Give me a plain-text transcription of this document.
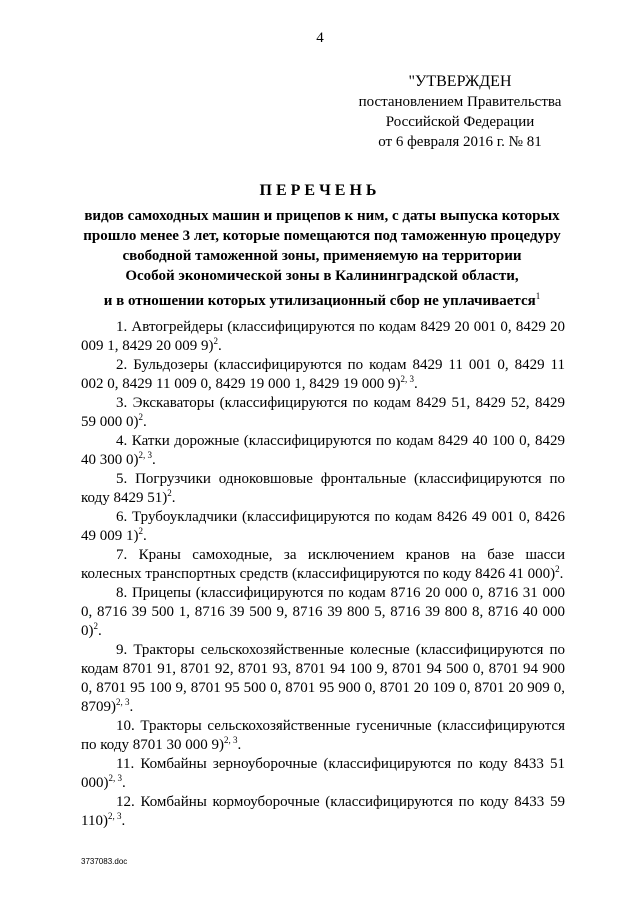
4
"УТВЕРЖДЕН
постановлением Правительства
Российской Федерации
от 6 февраля 2016 г. № 81
ПЕРЕЧЕНЬ
видов самоходных машин и прицепов к ним, с даты выпуска которых
прошло менее 3 лет, которые помещаются под таможенную процедуру
свободной таможенной зоны, применяемую на территории
Особой экономической зоны в Калининградской области,
и в отношении которых утилизационный сбор не уплачивается$^1$

1. Автогрейдеры (классифицируются по кодам 8429 20 001 0, 8429 20 009 1, 8429 20 009 9)$^2$.

2. Бульдозеры (классифицируются по кодам 8429 11 001 0, 8429 11 002 0, 8429 11 009 0, 8429 19 000 1, 8429 19 000 9)$^{2, 3}$.

3. Экскаваторы (классифицируются по кодам 8429 51, 8429 52, 8429 59 000 0)$^2$.

4. Катки дорожные (классифицируются по кодам 8429 40 100 0, 8429 40 300 0)$^{2, 3}$.

5. Погрузчики одноковшовые фронтальные (классифицируются по коду 8429 51)$^2$.

6. Трубоукладчики (классифицируются по кодам 8426 49 001 0, 8426 49 009 1)$^2$.

7. Краны самоходные, за исключением кранов на базе шасси колесных транспортных средств (классифицируются по коду 8426 41 000)$^2$.

8. Прицепы (классифицируются по кодам 8716 20 000 0, 8716 31 000 0, 8716 39 500 1, 8716 39 500 9, 8716 39 800 5, 8716 39 800 8, 8716 40 000 0)$^2$.

9. Тракторы сельскохозяйственные колесные (классифицируются по кодам 8701 91, 8701 92, 8701 93, 8701 94 100 9, 8701 94 500 0, 8701 94 900 0, 8701 95 100 9, 8701 95 500 0, 8701 95 900 0, 8701 20 109 0, 8701 20 909 0, 8709)$^{2, 3}$.

10. Тракторы сельскохозяйственные гусеничные (классифицируются по коду 8701 30 000 9)$^{2, 3}$.

11. Комбайны зерноуборочные (классифицируются по коду 8433 51 000)$^{2, 3}$.

12. Комбайны кормоуборочные (классифицируются по коду 8433 59 110)$^{2, 3}$.

3737083.doc
